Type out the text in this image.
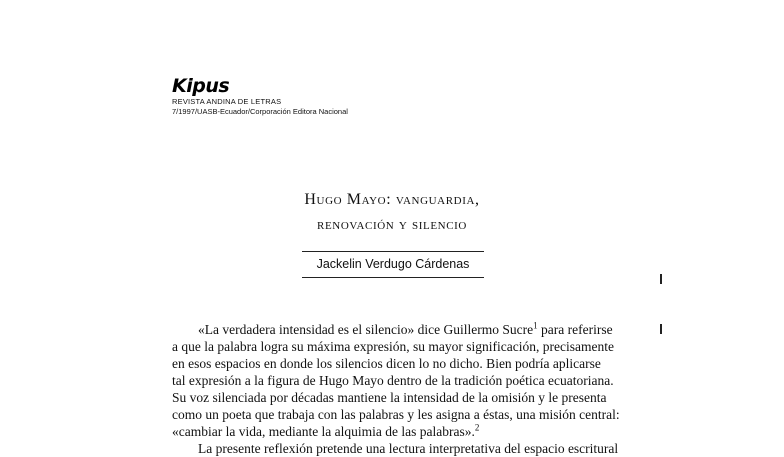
Kipus
REVISTA ANDINA DE LETRAS
7/1997/UASB-Ecuador/Corporación Editora Nacional
Hugo Mayo: vanguardia,
renovación y silencio
Jackelin Verdugo Cárdenas
«La verdadera intensidad es el silencio» dice Guillermo Sucre$^1$ para referirse
a que la palabra logra su máxima expresión, su mayor significación, precisamente
en esos espacios en donde los silencios dicen lo no dicho. Bien podría aplicarse
tal expresión a la figura de Hugo Mayo dentro de la tradición poética ecuatoriana.
Su voz silenciada por décadas mantiene la intensidad de la omisión y le presenta
como un poeta que trabaja con las palabras y les asigna a éstas, una misión central:
«cambiar la vida, mediante la alquimia de las palabras».$^2$
La presente reflexión pretende una lectura interpretativa del espacio escritural
